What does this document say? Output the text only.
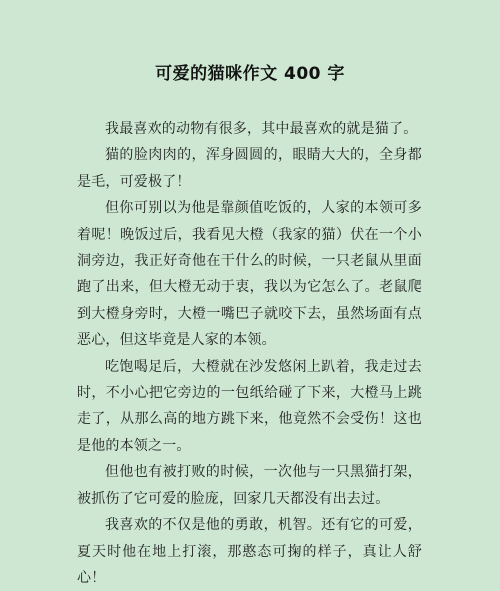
可爱的猫咪作文 400 字

我最喜欢的动物有很多，其中最喜欢的就是猫了。

猫的脸肉肉的，浑身圆圆的，眼睛大大的，全身都是毛，可爱极了！

但你可别以为他是靠颜值吃饭的，人家的本领可多着呢！晚饭过后，我看见大橙（我家的猫）伏在一个小洞旁边，我正好奇他在干什么的时候，一只老鼠从里面跑了出来，但大橙无动于衷，我以为它怎么了。老鼠爬到大橙身旁时，大橙一嘴巴子就咬下去，虽然场面有点恶心，但这毕竟是人家的本领。

吃饱喝足后，大橙就在沙发悠闲上趴着，我走过去时，不小心把它旁边的一包纸给碰了下来，大橙马上跳走了，从那么高的地方跳下来，他竟然不会受伤！这也是他的本领之一。

但他也有被打败的时候，一次他与一只黑猫打架，被抓伤了它可爱的脸庞，回家几天都没有出去过。

我喜欢的不仅是他的勇敢，机智。还有它的可爱，夏天时他在地上打滚，那憨态可掬的样子，真让人舒心！
